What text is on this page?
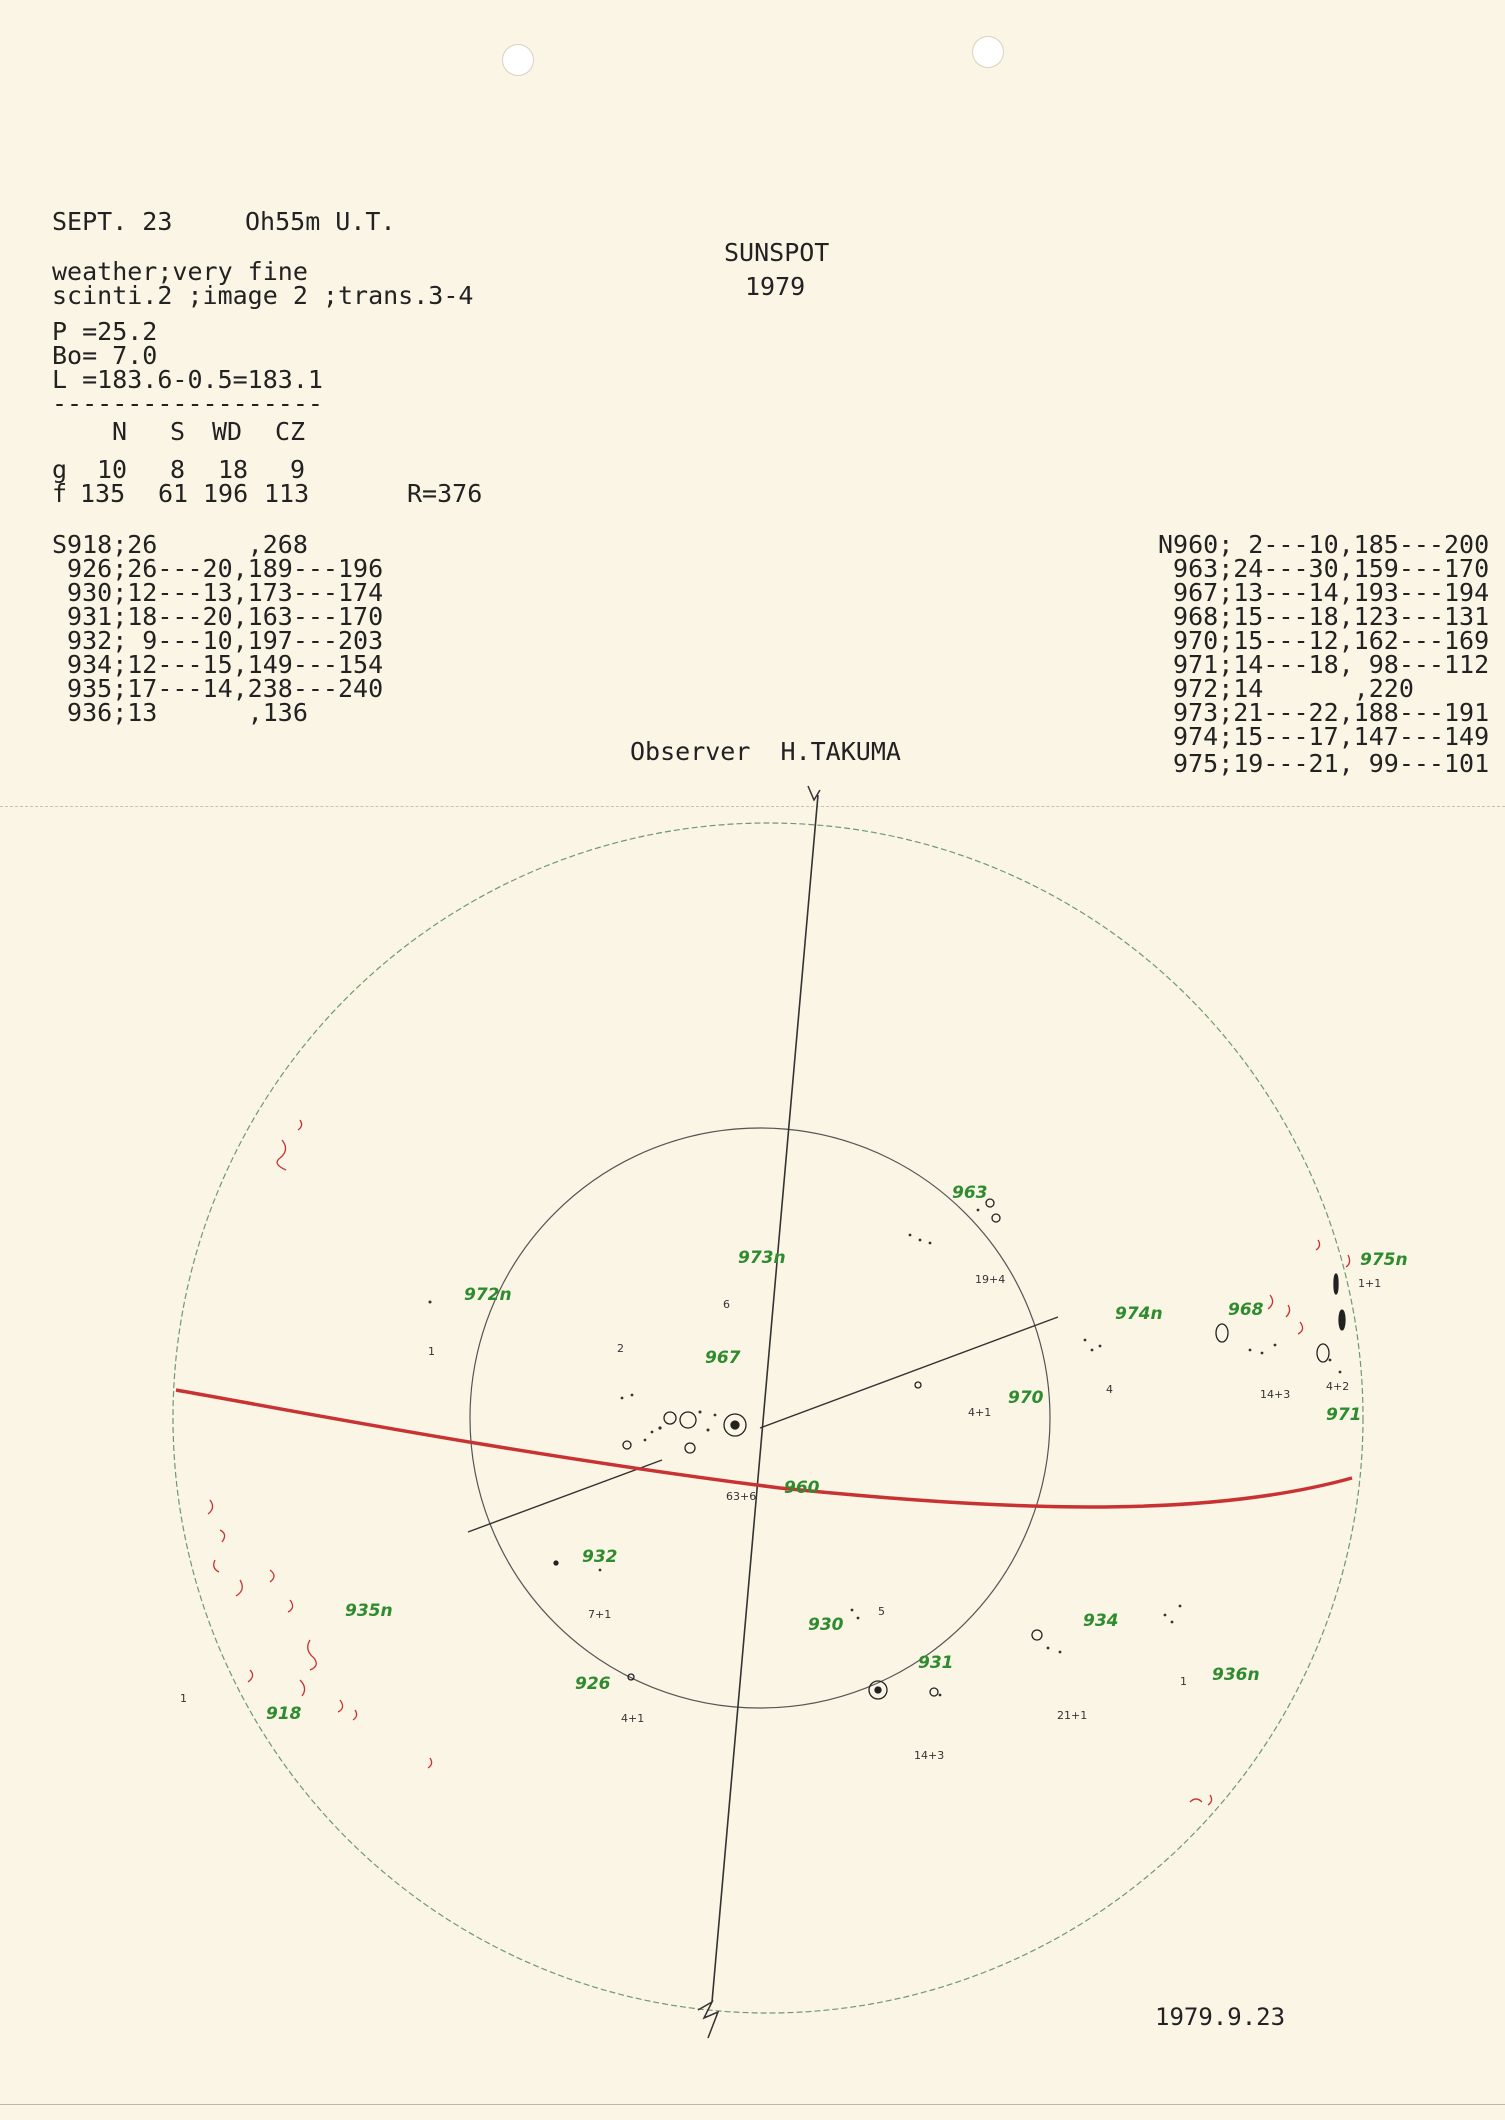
SEPT. 23	Oh55m U.T.
weather;very fine
scinti.2 ;image 2 ;trans.3-4
SUNSPOT
1979
P =25.2
Bo= 7.0
L =183.6-0.5=183.1
------------------
N S WD CZ
g 10 8 18 9
f 135 61 196 113	R=376
S918;26      ,268
926;26---20,189---196
930;12---13,173---174
931;18---20,163---170
932; 9---10,197---203
934;12---15,149---154
935;17---14,238---240
936;13      ,136
N960; 2---10,185---200
963;24---30,159---170
967;13---14,193---194
968;15---18,123---131
970;15---12,162---169
971;14---18, 98---112
972;14      ,220
973;21---22,188---191
974;15---17,147---149
975;19---21, 99---101
Observer  H.TAKUMA
963
973n
972n
967
974n	968
975n
970
971
960
932
935n
930	934
931
936n
926
918
19+4	1+1
6
2
1
4	14+3
4+2
4+1
63+6
7+1	5
1
1
4+1	21+1
14+3
1979.9.23
